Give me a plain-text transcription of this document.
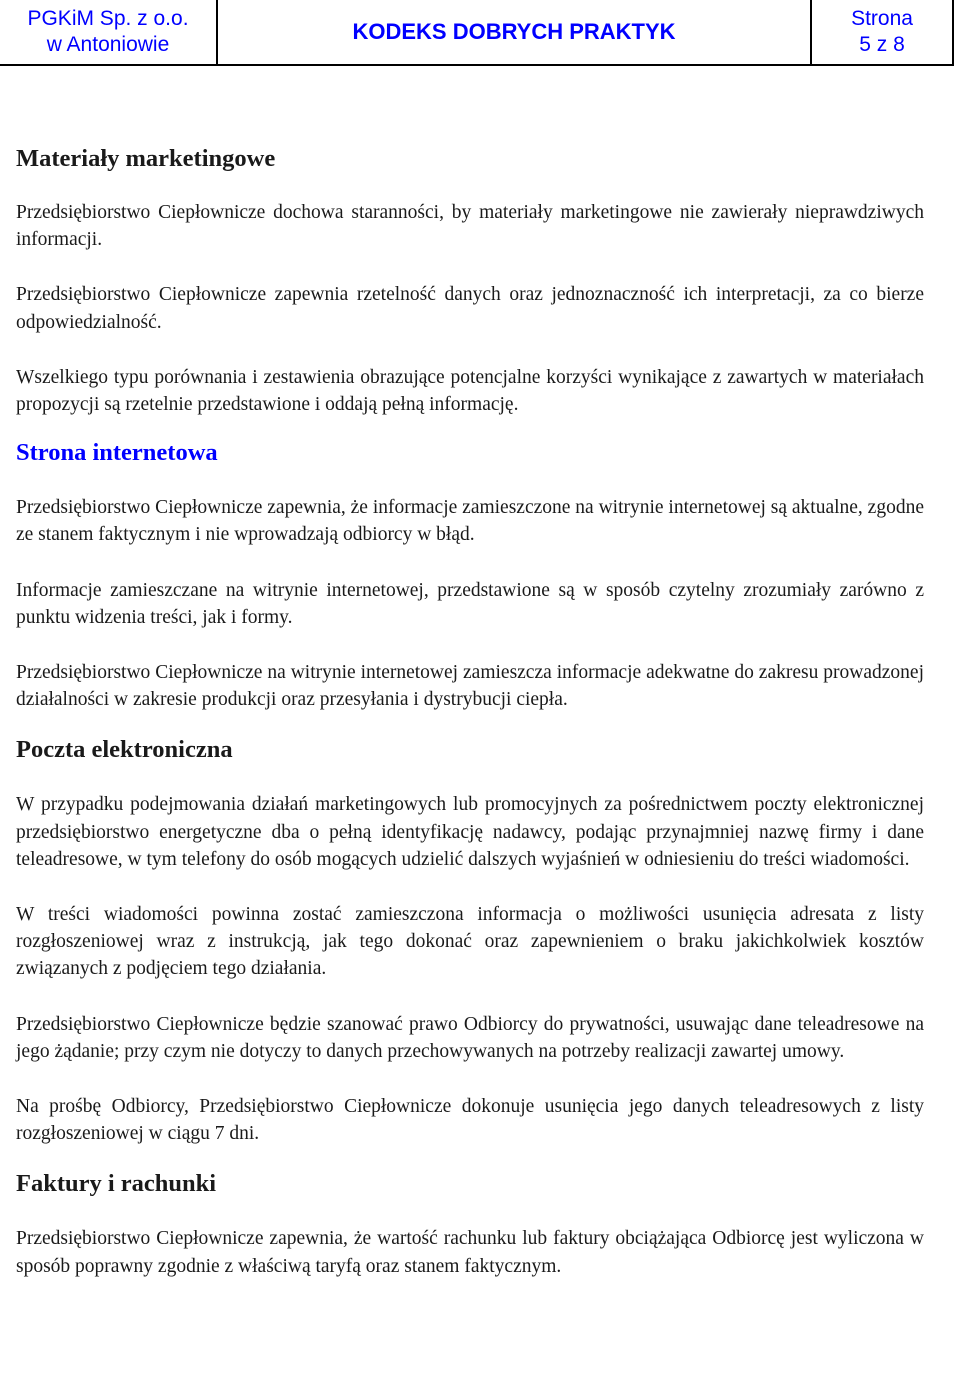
PGKiM Sp. z o.o.
w Antoniowie
KODEKS DOBRYCH PRAKTYK
Strona
5 z 8
Materiały marketingowe

Przedsiębiorstwo Ciepłownicze dochowa staranności, by materiały marketingowe nie zawierały nieprawdziwych informacji.

Przedsiębiorstwo Ciepłownicze zapewnia rzetelność danych oraz jednoznaczność ich interpretacji, za co bierze odpowiedzialność.

Wszelkiego typu porównania i zestawienia obrazujące potencjalne korzyści wynikające z zawartych w materiałach propozycji są rzetelnie przedstawione i oddają pełną informację.

Strona internetowa

Przedsiębiorstwo Ciepłownicze zapewnia, że informacje zamieszczone na witrynie internetowej są aktualne, zgodne ze stanem faktycznym i nie wprowadzają odbiorcy w błąd.

Informacje zamieszczane na witrynie internetowej, przedstawione są w sposób czytelny zrozumiały zarówno z punktu widzenia treści, jak i formy.

Przedsiębiorstwo Ciepłownicze na witrynie internetowej zamieszcza informacje adekwatne do zakresu prowadzonej działalności w zakresie produkcji oraz przesyłania i dystrybucji ciepła.

Poczta elektroniczna

W przypadku podejmowania działań marketingowych lub promocyjnych za pośrednictwem poczty elektronicznej przedsiębiorstwo energetyczne dba o pełną identyfikację nadawcy, podając przynajmniej nazwę firmy i dane teleadresowe, w tym telefony do osób mogących udzielić dalszych wyjaśnień w odniesieniu do treści wiadomości.

W treści wiadomości powinna zostać zamieszczona informacja o możliwości usunięcia adresata z listy rozgłoszeniowej wraz z instrukcją, jak tego dokonać oraz zapewnieniem o braku jakichkolwiek kosztów związanych z podjęciem tego działania.

Przedsiębiorstwo Ciepłownicze będzie szanować prawo Odbiorcy do prywatności, usuwając dane teleadresowe na jego żądanie; przy czym nie dotyczy to danych przechowywanych na potrzeby realizacji zawartej umowy.

Na prośbę Odbiorcy, Przedsiębiorstwo Ciepłownicze dokonuje usunięcia jego danych teleadresowych z listy rozgłoszeniowej w ciągu 7 dni.

Faktury i rachunki

Przedsiębiorstwo Ciepłownicze zapewnia, że wartość rachunku lub faktury obciążająca Odbiorcę jest wyliczona w sposób poprawny zgodnie z właściwą taryfą oraz stanem faktycznym.
